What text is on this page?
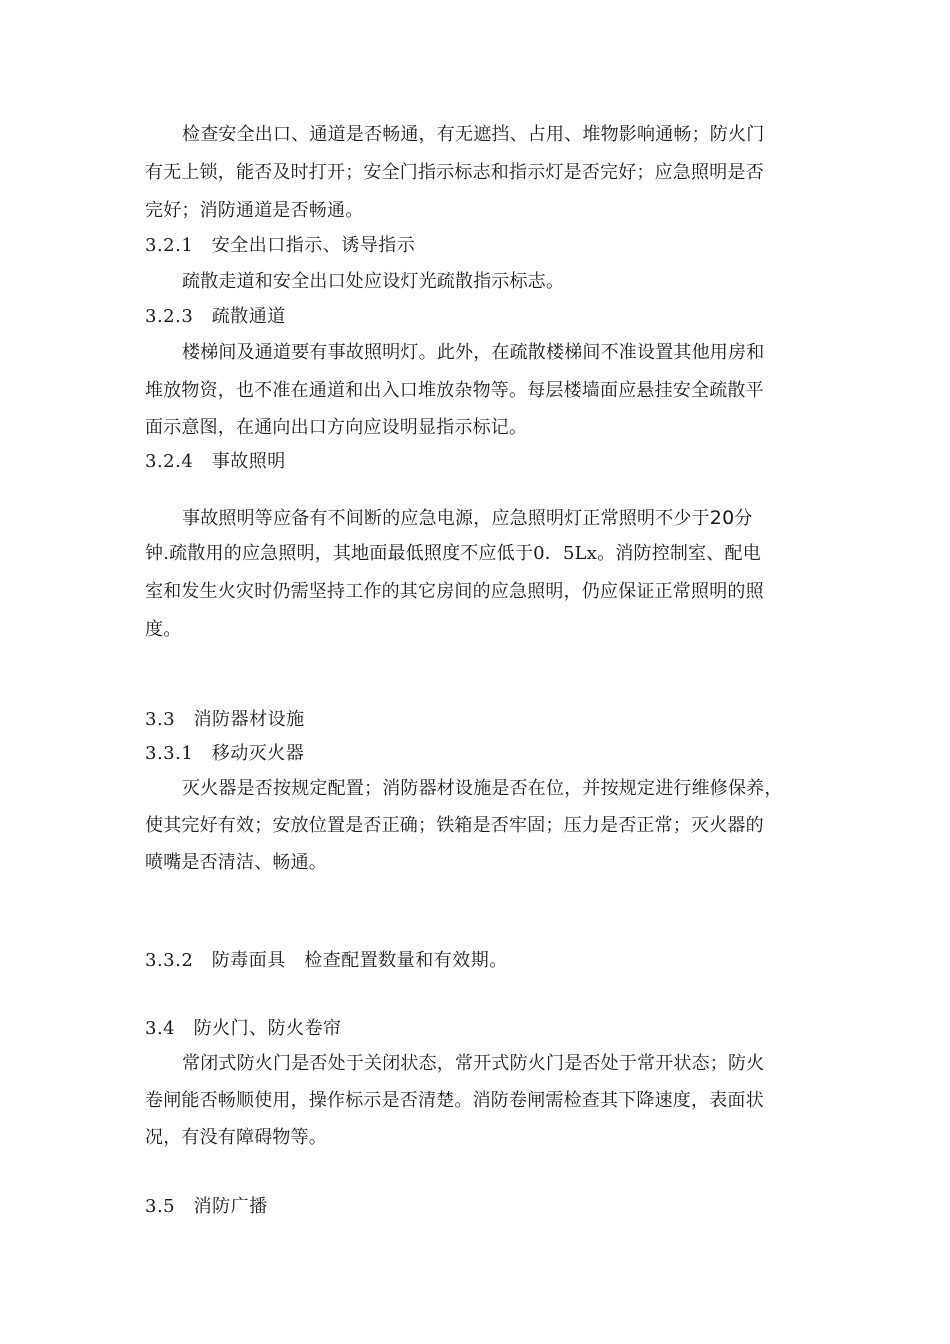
检查安全出口、通道是否畅通，有无遮挡、占用、堆物影响通畅；防火门
有无上锁，能否及时打开；安全门指示标志和指示灯是否完好；应急照明是否
完好；消防通道是否畅通。
3.2.1　安全出口指示、诱导指示
疏散走道和安全出口处应设灯光疏散指示标志。
3.2.3　疏散通道
楼梯间及通道要有事故照明灯。此外，在疏散楼梯间不准设置其他用房和
堆放物资，也不准在通道和出入口堆放杂物等。每层楼墙面应悬挂安全疏散平
面示意图，在通向出口方向应设明显指示标记。
3.2.4　事故照明
事故照明等应备有不间断的应急电源，应急照明灯正常照明不少于20分
钟.疏散用的应急照明，其地面最低照度不应低于0．5Lx。消防控制室、配电
室和发生火灾时仍需坚持工作的其它房间的应急照明，仍应保证正常照明的照
度。
3.3　消防器材设施
3.3.1　移动灭火器
灭火器是否按规定配置；消防器材设施是否在位，并按规定进行维修保养，
使其完好有效；安放位置是否正确；铁箱是否牢固；压力是否正常；灭火器的
喷嘴是否清洁、畅通。
3.3.2　防毒面具　检查配置数量和有效期。
3.4　防火门、防火卷帘
常闭式防火门是否处于关闭状态，常开式防火门是否处于常开状态；防火
卷闸能否畅顺使用，操作标示是否清楚。消防卷闸需检查其下降速度，表面状
况，有没有障碍物等。
3.5　消防广播
